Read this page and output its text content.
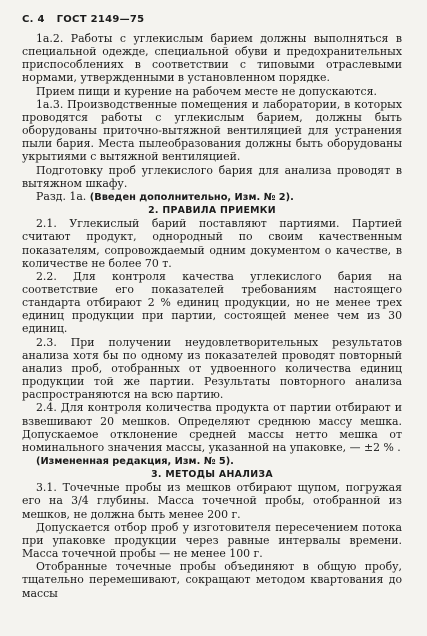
С. 4 ГОСТ 2149—75

1а.2. Работы с углекислым барием должны выполняться в специальной одежде, специальной обуви и предохранительных приспособлениях в соответствии с типовыми отраслевыми нормами, утвержденными в установленном порядке.

Прием пищи и курение на рабочем месте не допускаются.

1а.3. Производственные помещения и лаборатории, в которых проводятся работы с углекислым барием, должны быть оборудованы приточно-вытяжной вентиляцией для устранения пыли бария. Места пылеобразования должны быть оборудованы укрытиями с вытяжной вентиляцией.

Подготовку проб углекислого бария для анализа проводят в вытяжном шкафу.

Разд. 1а. (Введен дополнительно, Изм. № 2).

2. ПРАВИЛА ПРИЕМКИ

2.1. Углекислый барий поставляют партиями. Партией считают продукт, однородный по своим качественным показателям, сопровождаемый одним документом о качестве, в количестве не более 70 т.

2.2. Для контроля качества углекислого бария на соответствие его показателей требованиям настоящего стандарта отбирают 2 % единиц продукции, но не менее трех единиц продукции при партии, состоящей менее чем из 30 единиц.

2.3. При получении неудовлетворительных результатов анализа хотя бы по одному из показателей проводят повторный анализ проб, отобранных от удвоенного количества единиц продукции той же партии. Результаты повторного анализа распространяются на всю партию.

2.4. Для контроля количества продукта от партии отбирают и взвешивают 20 мешков. Определяют среднюю массу мешка. Допускаемое отклонение средней массы нетто мешка от номинального значения массы, указанной на упаковке, — ±2 % .

(Измененная редакция, Изм. № 5).

3. МЕТОДЫ АНАЛИЗА

3.1. Точечные пробы из мешков отбирают щупом, погружая его на 3/4 глубины. Масса точечной пробы, отобранной из мешков, не должна быть менее 200 г.

Допускается отбор проб у изготовителя пересечением потока при упаковке продукции через равные интервалы времени. Масса точечной пробы — не менее 100 г.

Отобранные точечные пробы объединяют в общую пробу, тщательно перемешивают, сокращают методом квартования до массы
